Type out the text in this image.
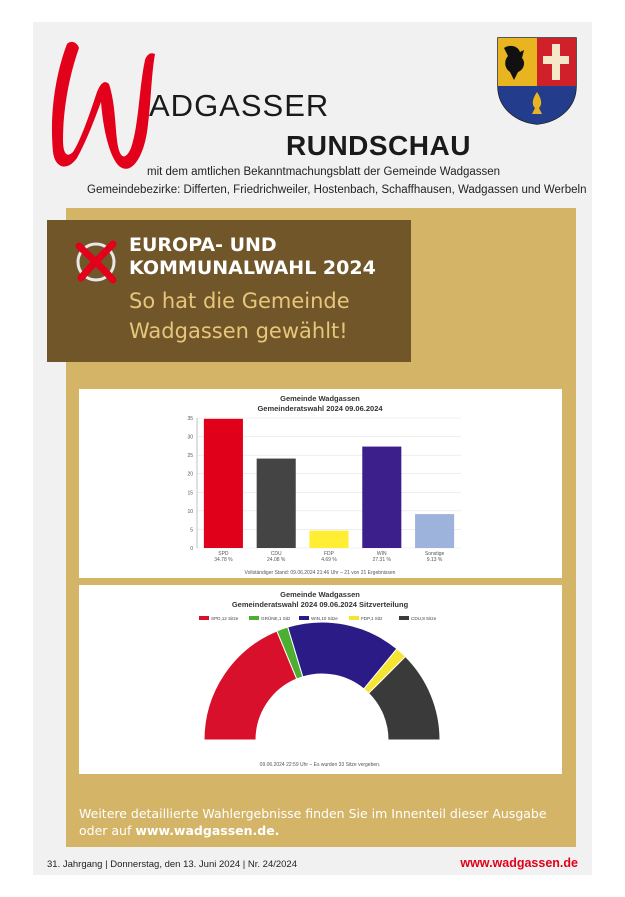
ADGASSER
RUNDSCHAU
mit dem amtlichen Bekanntmachungsblatt der Gemeinde Wadgassen
Gemeindebezirke: Differten, Friedrichweiler, Hostenbach, Schaffhausen, Wadgassen und Werbeln
EUROPA- UND
KOMMUNALWAHL 2024
So hat die Gemeinde
Wadgassen gewählt!
Gemeinde Wadgassen
Gemeinderatswahl 2024 09.06.2024
35
30
25
20
15
10
5
0
SPD
34.78 %
CDU
24.08 %
FDP
4.69 %
WIN
27.31 %
Sonstige
9.13 %
Vollständiger Stand: 09.06.2024 21:46 Uhr – 21 von 21 Ergebnissen
Gemeinde Wadgassen
Gemeinderatswahl 2024 09.06.2024 Sitzverteilung
SPD,12 Sitze	GRÜNE,1 Sitz	WIN,10 Sitze	FDP,1 Sitz	CDU,8 Sitze
09.06.2024 22:59 Uhr – Es wurden 33 Sitze vergeben.
Weitere detaillierte Wahlergebnisse finden Sie im Innenteil dieser Ausgabe
oder auf www.wadgassen.de.
31. Jahrgang | Donnerstag, den 13. Juni 2024 | Nr. 24/2024	www.wadgassen.de
